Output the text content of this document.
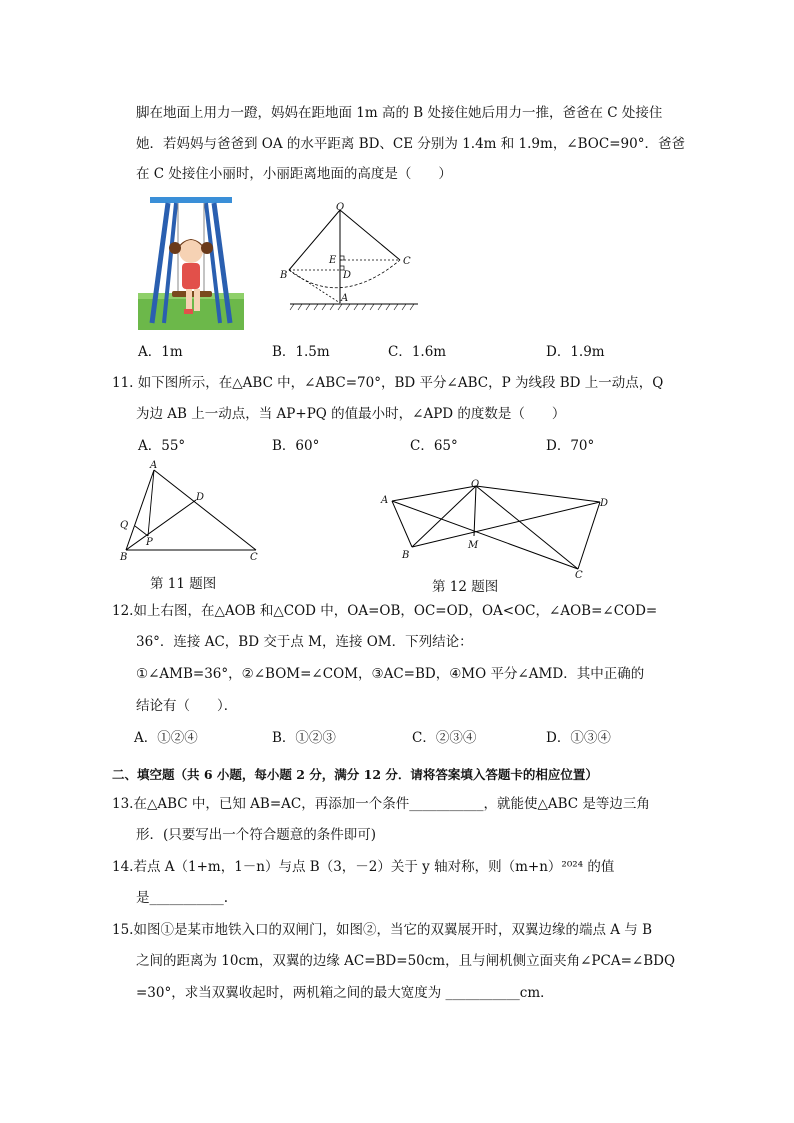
脚在地面上用力一蹬，妈妈在距地面 1m 高的 B 处接住她后用力一推，爸爸在 C 处接住
她．若妈妈与爸爸到 OA 的水平距离 BD、CE 分别为 1.4m 和 1.9m，∠BOC=90°．爸爸
在 C 处接住小丽时，小丽距离地面的高度是（　　）
O
B
C
E
D
A
A．1m	B．1.5m	C．1.6m	D．1.9m
11. 如下图所示，在△ABC 中，∠ABC=70°，BD 平分∠ABC，P 为线段 BD 上一动点，Q
为边 AB 上一动点，当 AP+PQ 的值最小时，∠APD 的度数是（　　）
A．55°	B．60°	C．65°	D．70°
A
D
Q
P
B	C
第 11 题图
A
O
D
B
M
C
第 12 题图
12.如上右图，在△AOB 和△COD 中，OA=OB，OC=OD，OA<OC，∠AOB=∠COD=
36°．连接 AC，BD 交于点 M，连接 OM．下列结论：
①∠AMB=36°，②∠BOM=∠COM，③AC=BD，④MO 平分∠AMD．其中正确的
结论有（　　）．
A．①②④	B．①②③	C．②③④	D．①③④
二、填空题（共 6 小题，每小题 2 分，满分 12 分．请将答案填入答题卡的相应位置）
13.在△ABC 中，已知 AB=AC，再添加一个条件___________，就能使△ABC 是等边三角
形．(只要写出一个符合题意的条件即可)
14.若点 A（1+m，1－n）与点 B（3，－2）关于 y 轴对称，则（m+n）²⁰²⁴ 的值
是___________.
15.如图①是某市地铁入口的双闸门，如图②，当它的双翼展开时，双翼边缘的端点 A 与 B
之间的距离为 10cm，双翼的边缘 AC=BD=50cm，且与闸机侧立面夹角∠PCA=∠BDQ
=30°，求当双翼收起时，两机箱之间的最大宽度为 ___________cm．
